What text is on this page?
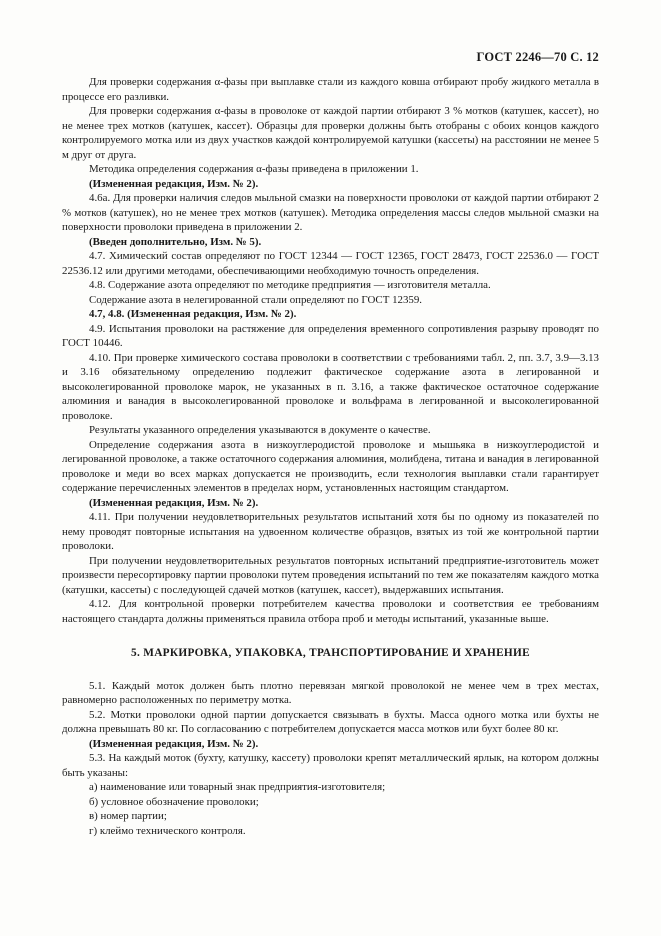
ГОСТ 2246—70 С. 12

Для проверки содержания α-фазы при выплавке стали из каждого ковша отбирают пробу жидкого металла в процессе его разливки.

Для проверки содержания α-фазы в проволоке от каждой партии отбирают 3 % мотков (катушек, кассет), но не менее трех мотков (катушек, кассет). Образцы для проверки должны быть отобраны с обоих концов каждого контролируемого мотка или из двух участков каждой контролируемой катушки (кассеты) на расстоянии не менее 5 м друг от друга.

Методика определения содержания α-фазы приведена в приложении 1.

(Измененная редакция, Изм. № 2).

4.6а. Для проверки наличия следов мыльной смазки на поверхности проволоки от каждой партии отбирают 2 % мотков (катушек), но не менее трех мотков (катушек). Методика определения массы следов мыльной смазки на поверхности проволоки приведена в приложении 2.

(Введен дополнительно, Изм. № 5).

4.7. Химический состав определяют по ГОСТ 12344 — ГОСТ 12365, ГОСТ 28473, ГОСТ 22536.0 — ГОСТ 22536.12 или другими методами, обеспечивающими необходимую точность определения.

4.8. Содержание азота определяют по методике предприятия — изготовителя металла.

Содержание азота в нелегированной стали определяют по ГОСТ 12359.

4.7, 4.8. (Измененная редакция, Изм. № 2).

4.9. Испытания проволоки на растяжение для определения временного сопротивления разрыву проводят по ГОСТ 10446.

4.10. При проверке химического состава проволоки в соответствии с требованиями табл. 2, пп. 3.7, 3.9—3.13 и 3.16 обязательному определению подлежит фактическое содержание азота в легированной и высоколегированной проволоке марок, не указанных в п. 3.16, а также фактическое остаточное содержание алюминия и ванадия в высоколегированной проволоке и вольфрама в легированной и высоколегированной проволоке.

Результаты указанного определения указываются в документе о качестве.

Определение содержания азота в низкоуглеродистой проволоке и мышьяка в низкоуглеродистой и легированной проволоке, а также остаточного содержания алюминия, молибдена, титана и ванадия в легированной проволоке и меди во всех марках допускается не производить, если технология выплавки стали гарантирует содержание перечисленных элементов в пределах норм, установленных настоящим стандартом.

(Измененная редакция, Изм. № 2).

4.11. При получении неудовлетворительных результатов испытаний хотя бы по одному из показателей по нему проводят повторные испытания на удвоенном количестве образцов, взятых из той же контрольной партии проволоки.

При получении неудовлетворительных результатов повторных испытаний предприятие-изготовитель может произвести пересортировку партии проволоки путем проведения испытаний по тем же показателям каждого мотка (катушки, кассеты) с последующей сдачей мотков (катушек, кассет), выдержавших испытания.

4.12. Для контрольной проверки потребителем качества проволоки и соответствия ее требованиям настоящего стандарта должны применяться правила отбора проб и методы испытаний, указанные выше.

5. МАРКИРОВКА, УПАКОВКА, ТРАНСПОРТИРОВАНИЕ И ХРАНЕНИЕ

5.1. Каждый моток должен быть плотно перевязан мягкой проволокой не менее чем в трех местах, равномерно расположенных по периметру мотка.

5.2. Мотки проволоки одной партии допускается связывать в бухты. Масса одного мотка или бухты не должна превышать 80 кг. По согласованию с потребителем допускается масса мотков или бухт более 80 кг.

(Измененная редакция, Изм. № 2).

5.3. На каждый моток (бухту, катушку, кассету) проволоки крепят металлический ярлык, на котором должны быть указаны:

а) наименование или товарный знак предприятия-изготовителя;

б) условное обозначение проволоки;

в) номер партии;

г) клеймо технического контроля.
